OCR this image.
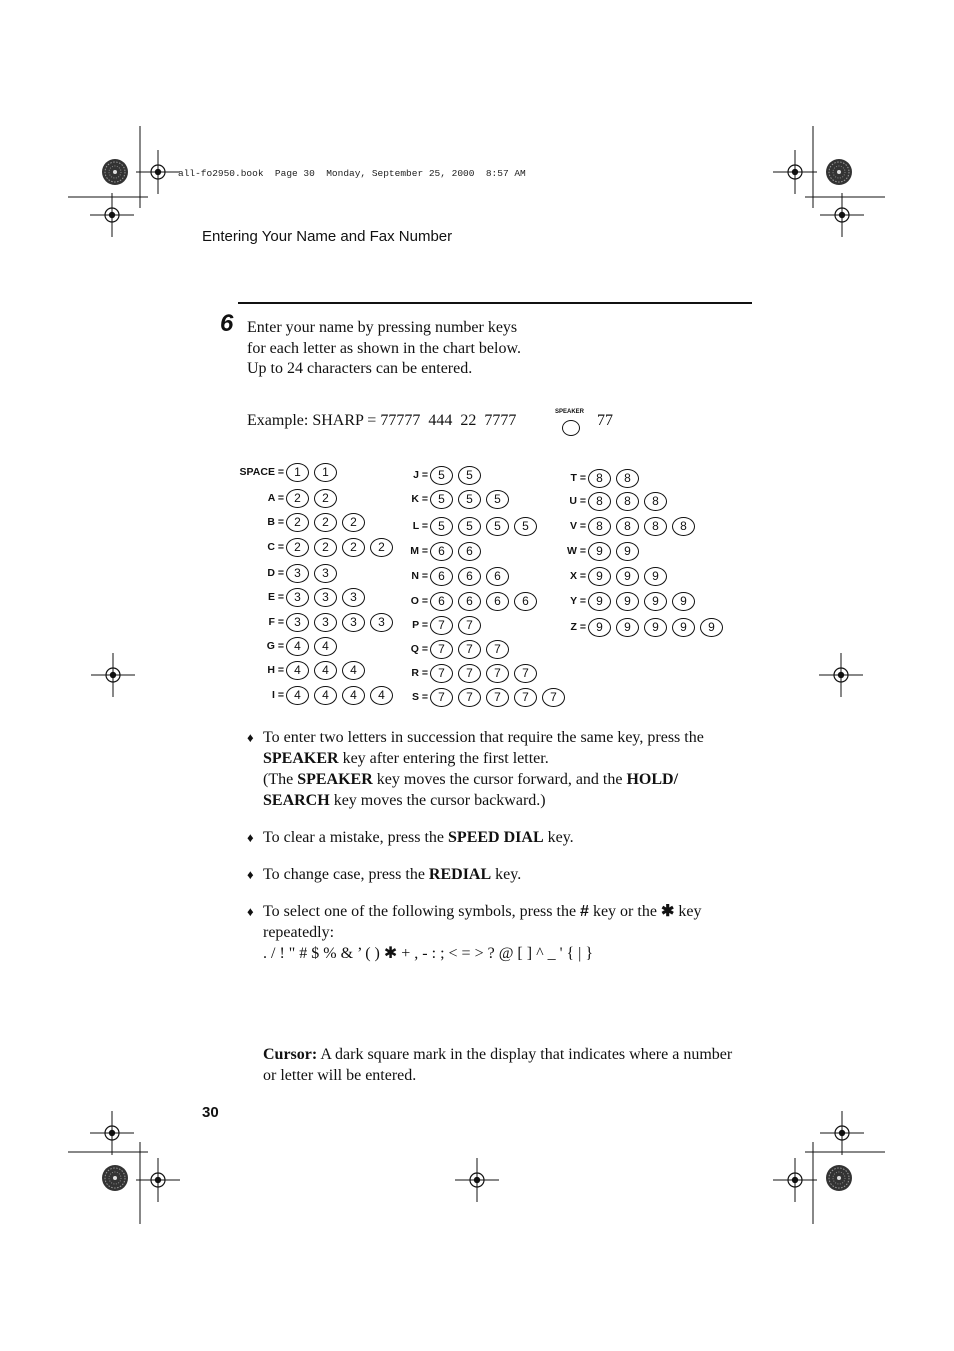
all-fo2950.book  Page 30  Monday, September 25, 2000  8:57 AM
Entering Your Name and Fax Number
6 Enter your name by pressing number keys for each letter as shown in the chart below. Up to 24 characters can be entered.
Example: SHARP = 77777  444  22  7777	SPEAKER 77
SPACE = 1	1
A = 2	2
B = 2	2	2
C = 2	2	2	2
D = 3	3
E = 3	3	3
F = 3	3	3	3
G = 4	4
H = 4	4	4
I = 4	4	4	4
J = 5	5
K = 5	5	5
L = 5	5	5	5
M = 6	6
N = 6	6	6
O = 6	6	6	6
P = 7	7
Q = 7	7	7
R = 7	7	7	7
S = 7	7	7	7	7
T = 8	8
U = 8	8	8
V = 8	8	8	8
W = 9	9
X = 9	9	9
Y = 9	9	9	9
Z = 9	9	9	9	9
♦ To enter two letters in succession that require the same key, press the SPEAKER key after entering the first letter.
(The SPEAKER key moves the cursor forward, and the HOLD/ SEARCH key moves the cursor backward.)
♦ To clear a mistake, press the SPEED DIAL key.
♦ To change case, press the REDIAL key.
♦ To select one of the following symbols, press the # key or the ✱ key repeatedly:
. / ! " # $ % & ’ ( ) ✱ + , - : ; < = > ? @ [ ] ^ _ ' { | }
Cursor: A dark square mark in the display that indicates where a number or letter will be entered.
30
